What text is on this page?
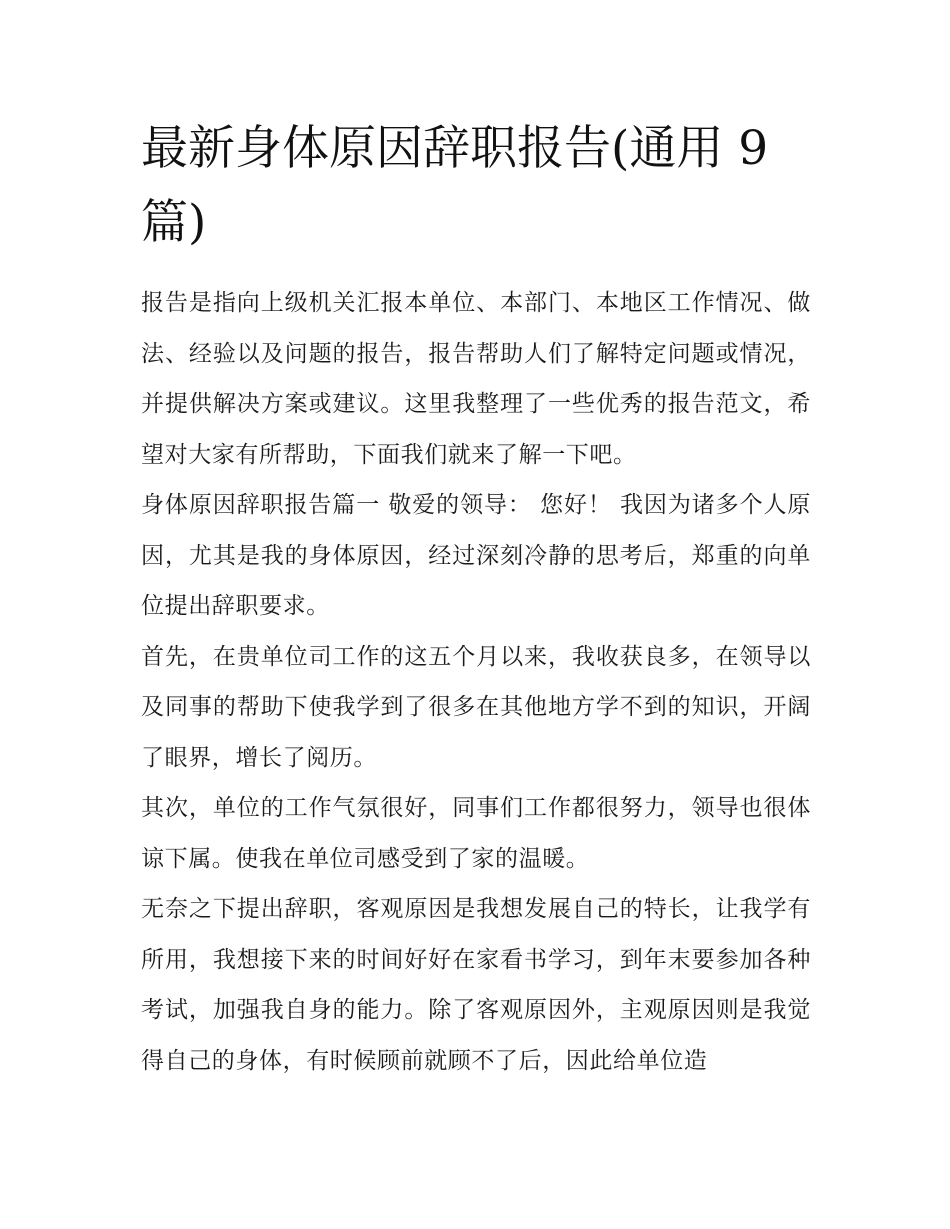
最新身体原因辞职报告(通用 9 篇)

报告是指向上级机关汇报本单位、本部门、本地区工作情况、做法、经验以及问题的报告，报告帮助人们了解特定问题或情况，并提供解决方案或建议。这里我整理了一些优秀的报告范文，希望对大家有所帮助，下面我们就来了解一下吧。

身体原因辞职报告篇一 敬爱的领导： 您好！ 我因为诸多个人原因，尤其是我的身体原因，经过深刻冷静的思考后，郑重的向单位提出辞职要求。

首先，在贵单位司工作的这五个月以来，我收获良多，在领导以及同事的帮助下使我学到了很多在其他地方学不到的知识，开阔了眼界，增长了阅历。

其次，单位的工作气氛很好，同事们工作都很努力，领导也很体谅下属。使我在单位司感受到了家的温暖。

无奈之下提出辞职，客观原因是我想发展自己的特长，让我学有所用，我想接下来的时间好好在家看书学习，到年末要参加各种考试，加强我自身的能力。除了客观原因外，主观原因则是我觉得自己的身体，有时候顾前就顾不了后，因此给单位造
